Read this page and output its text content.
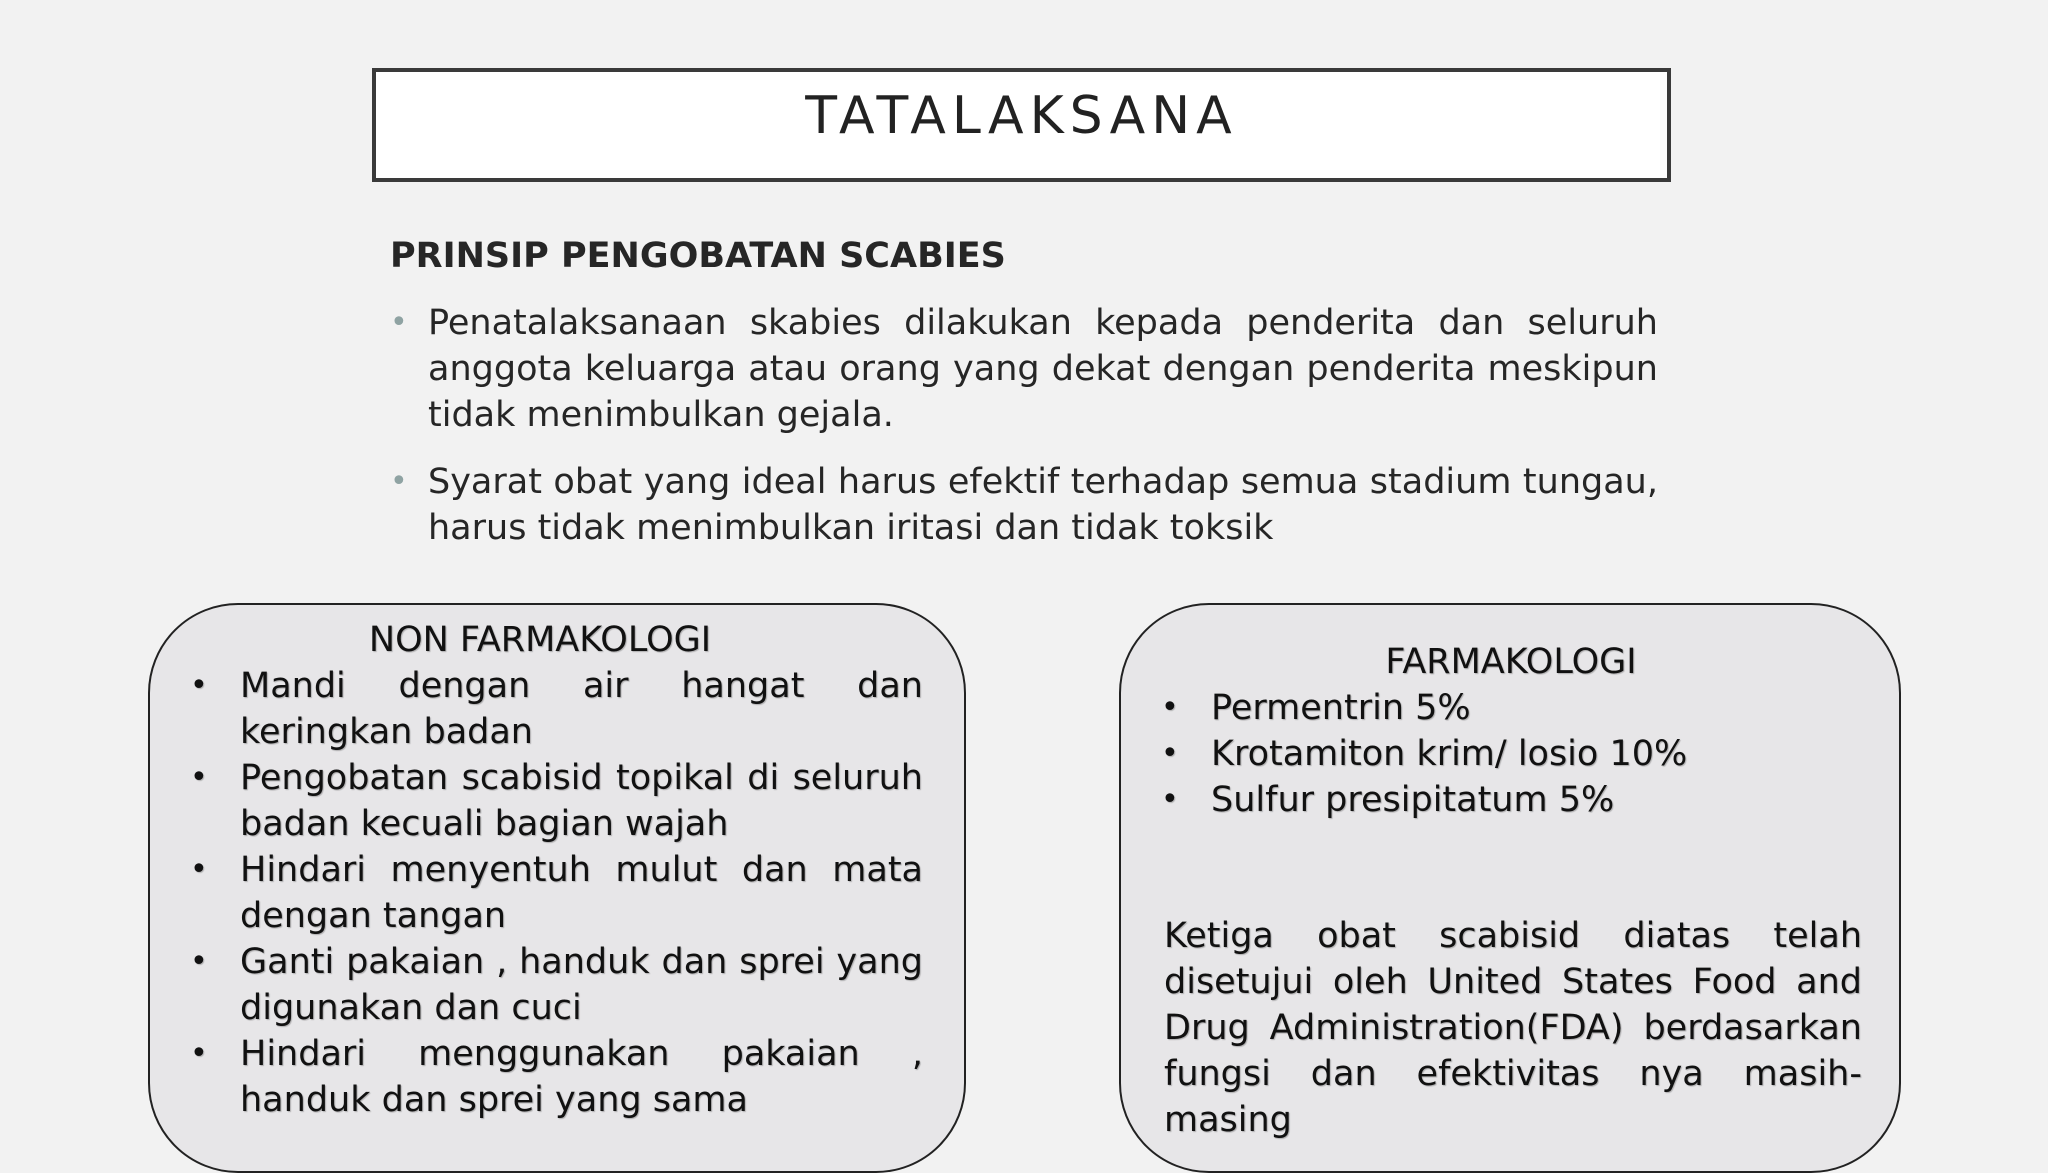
TATALAKSANA
PRINSIP PENGOBATAN SCABIES
• Penatalaksanaan skabies dilakukan kepada penderita dan seluruh anggota keluarga atau orang yang dekat dengan penderita meskipun tidak menimbulkan gejala.
• Syarat obat yang ideal harus efektif terhadap semua stadium tungau, harus tidak menimbulkan iritasi dan tidak toksik
NON FARMAKOLOGI
• Mandi dengan air hangat dan keringkan badan
• Pengobatan scabisid topikal di seluruh badan kecuali bagian wajah
• Hindari menyentuh mulut dan mata dengan tangan
• Ganti pakaian , handuk dan sprei yang digunakan dan cuci
• Hindari menggunakan pakaian , handuk dan sprei yang sama
FARMAKOLOGI
• Permentrin 5%
• Krotamiton krim/ losio 10%
• Sulfur presipitatum 5%
Ketiga obat scabisid diatas telah disetujui oleh United States Food and Drug Administration(FDA) berdasarkan fungsi dan efektivitas nya masih-masing
